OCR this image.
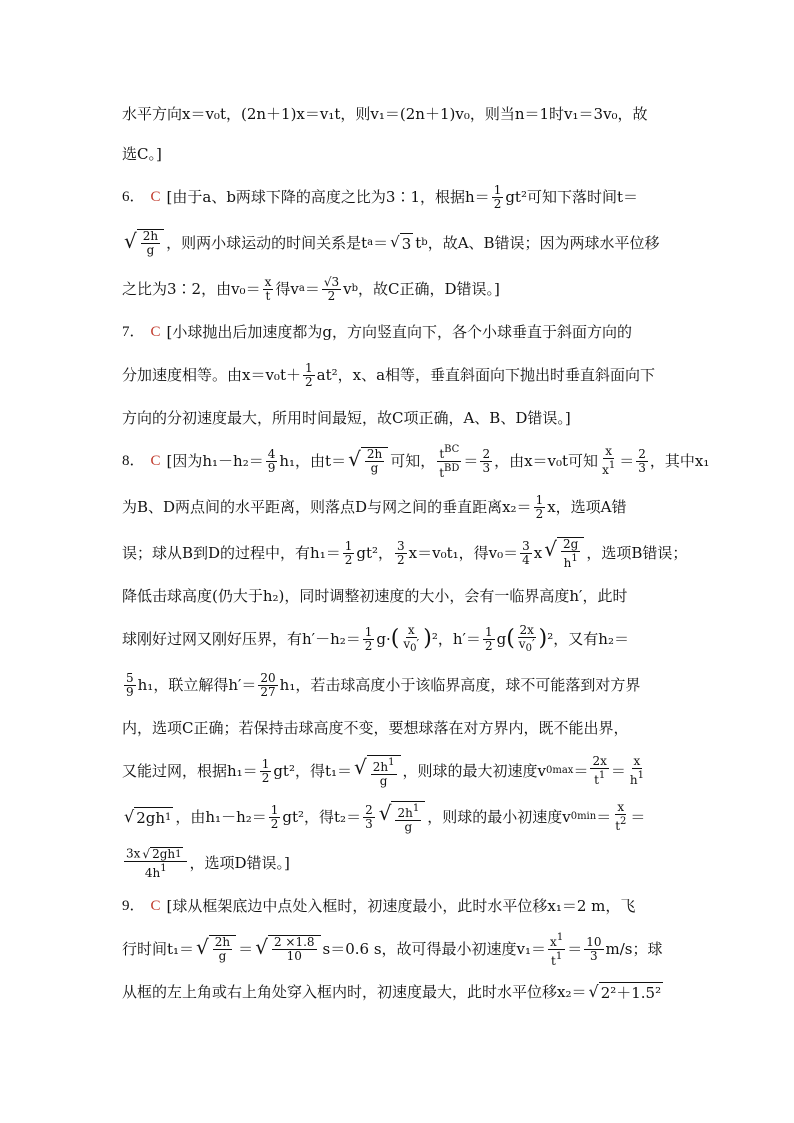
水平方向x＝v₀t，(2n＋1)x＝v₁t，则v₁＝(2n＋1)v₀，则当n＝1时v₁＝3v₀，故
选C。]
6． C [由于a、b两球下降的高度之比为3∶1，根据$h= \frac{1}{2} gt^2$可知下落时间t＝
√ $\frac{2h}{g}$ ，则两小球运动的时间关系是t a ＝ √ 3 t b ，故A、B错误；因为两球水平位移
之比为3∶2，由$v_0= \frac{x}{t}$ 得v $a = \frac{√3}{2}$ v b ，故C正确，D错误。]
7． C [小球抛出后加速度都为g，方向竖直向下，各个小球垂直于斜面方向的
分加速度相等。由$x=v_0t+ \frac{1}{2} at^2$，x、a相等，垂直斜面向下抛出时垂直斜面向下
方向的分初速度最大，所用时间最短，故C项正确，A、B、D错误。]
8． C [因为$h_1-h_2= \frac{4}{9} h_1$，由t＝ √ $\frac{2h}{g}$ 可知， $\frac{t^{BC}}{t^{BD}} = \frac{2}{3}$ ，由x＝v₀t可知 $\frac{x}{x^1} = \frac{2}{3}$ ，其中x₁
为B、D两点间的水平距离，则落点D与网之间的垂直距离$x_2= \frac{1}{2}$ x，选项A错
误；球从B到D的过程中，有$h_1= \frac{1}{2} gt^2$， $\frac{3}{2} x=v_0t_1$，得$v_0= \frac{3}{4}$ x √ $\frac{2g}{h^1}$ ，选项B错误；
降低击球高度(仍大于h₂)，同时调整初速度的大小，会有一临界高度h′，此时
球刚好过网又刚好压界，有$h'-h_2= \frac{1}{2} g\cdot$ ( $\frac{x}{v_0'}$ ) ²，$h'= \frac{1}{2}$ g ( $\frac{2x}{v_0'}$ ) ²，又有h₂＝
$\frac{5}{9} h_1$，联立解得$h'= \frac{20}{27} h_1$，若击球高度小于该临界高度，球不可能落到对方界
内，选项C正确；若保持击球高度不变，要想球落在对方界内，既不能出界，
又能过网，根据$h_1= \frac{1}{2} gt^2$，得t₁＝ √ $\frac{2h^1}{g}$ ，则球的最大初速度v $0\max = \frac{2x}{t^1} = \frac{x}{h^1}$
√ 2gh 1 ，由$h_1-h_2= \frac{1}{2} gt^2$，得$t_2= \frac{2}{3}$ √ $\frac{2h^1}{g}$ ，则球的最小初速度v $0\min = \frac{x}{t^2}$ ＝
$\frac{3x √ 2gh 1}{4h^1}$ ，选项D错误。]
9． C [球从框架底边中点处入框时，初速度最小，此时水平位移x₁＝2 m，飞
行时间t₁＝ √ $\frac{2h}{g}$ ＝ √ $\frac{2 \times 1.8}{10} s=0.6$ s，故可得最小初速度$v_1= \frac{x^1}{t^1} = \frac{10}{3} m/s$；球
从框的左上角或右上角处穿入框内时，初速度最大，此时水平位移x₂＝ √ 2²＋1.5²
